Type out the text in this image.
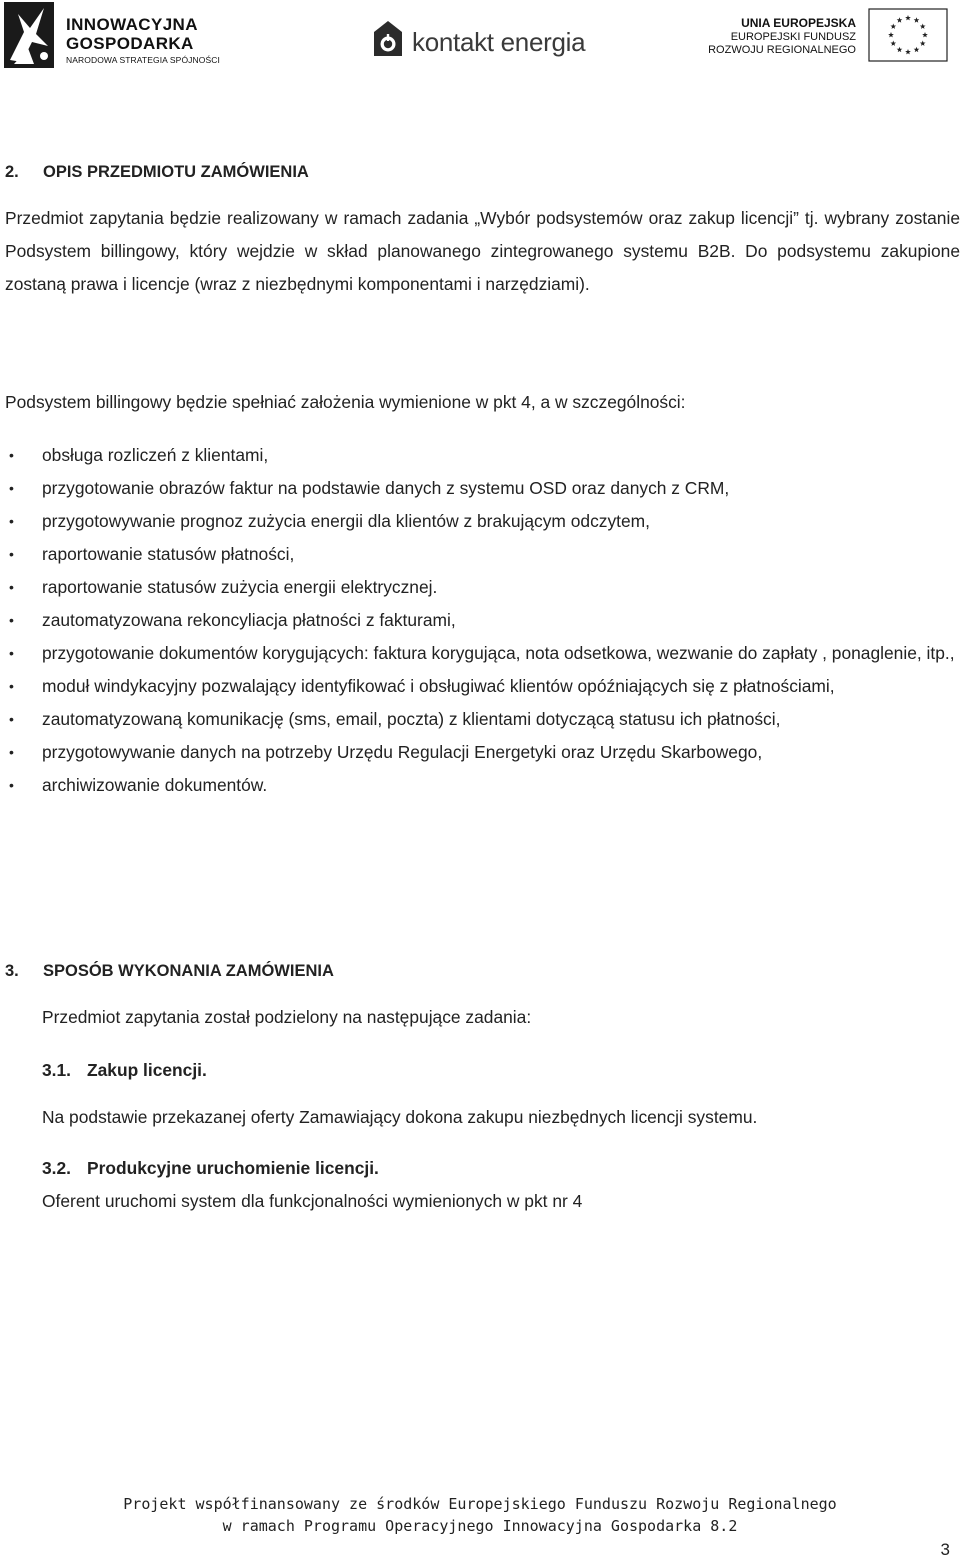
INNOWACYJNA
GOSPODARKA
NARODOWA STRATEGIA SPÓJNOŚCI
kontakt energia
UNIA EUROPEJSKA
EUROPEJSKI FUNDUSZ
ROZWOJU REGIONALNEGO
2. OPIS PRZEDMIOTU ZAMÓWIENIA
Przedmiot zapytania będzie realizowany w ramach zadania „Wybór podsystemów oraz zakup licencji” tj. wybrany zostanie Podsystem billingowy, który wejdzie w skład planowanego zintegrowanego systemu B2B. Do podsystemu zakupione zostaną prawa i licencje (wraz z niezbędnymi komponentami i narzędziami).
Podsystem billingowy będzie spełniać założenia wymienione w pkt 4, a w szczególności:
• obsługa rozliczeń z klientami,
• przygotowanie obrazów faktur na podstawie danych z systemu OSD oraz danych z CRM,
• przygotowywanie prognoz zużycia energii dla klientów z brakującym odczytem,
• raportowanie statusów płatności,
• raportowanie statusów zużycia energii elektrycznej.
• zautomatyzowana rekoncyliacja płatności z fakturami,
• przygotowanie dokumentów korygujących: faktura korygująca, nota odsetkowa, wezwanie do zapłaty , ponaglenie, itp.,
• moduł windykacyjny pozwalający identyfikować i obsługiwać klientów opóźniających się z płatnościami,
• zautomatyzowaną komunikację (sms, email, poczta) z klientami dotyczącą statusu ich płatności,
• przygotowywanie danych na potrzeby Urzędu Regulacji Energetyki oraz Urzędu Skarbowego,
• archiwizowanie dokumentów.
3. SPOSÓB WYKONANIA ZAMÓWIENIA
Przedmiot zapytania został podzielony na następujące zadania:
3.1. Zakup licencji.
Na podstawie przekazanej oferty Zamawiający dokona zakupu niezbędnych licencji systemu.
3.2. Produkcyjne uruchomienie licencji.
Oferent uruchomi system dla funkcjonalności wymienionych w pkt nr 4
Projekt współfinansowany ze środków Europejskiego Funduszu Rozwoju Regionalnego
w ramach Programu Operacyjnego Innowacyjna Gospodarka 8.2
3
